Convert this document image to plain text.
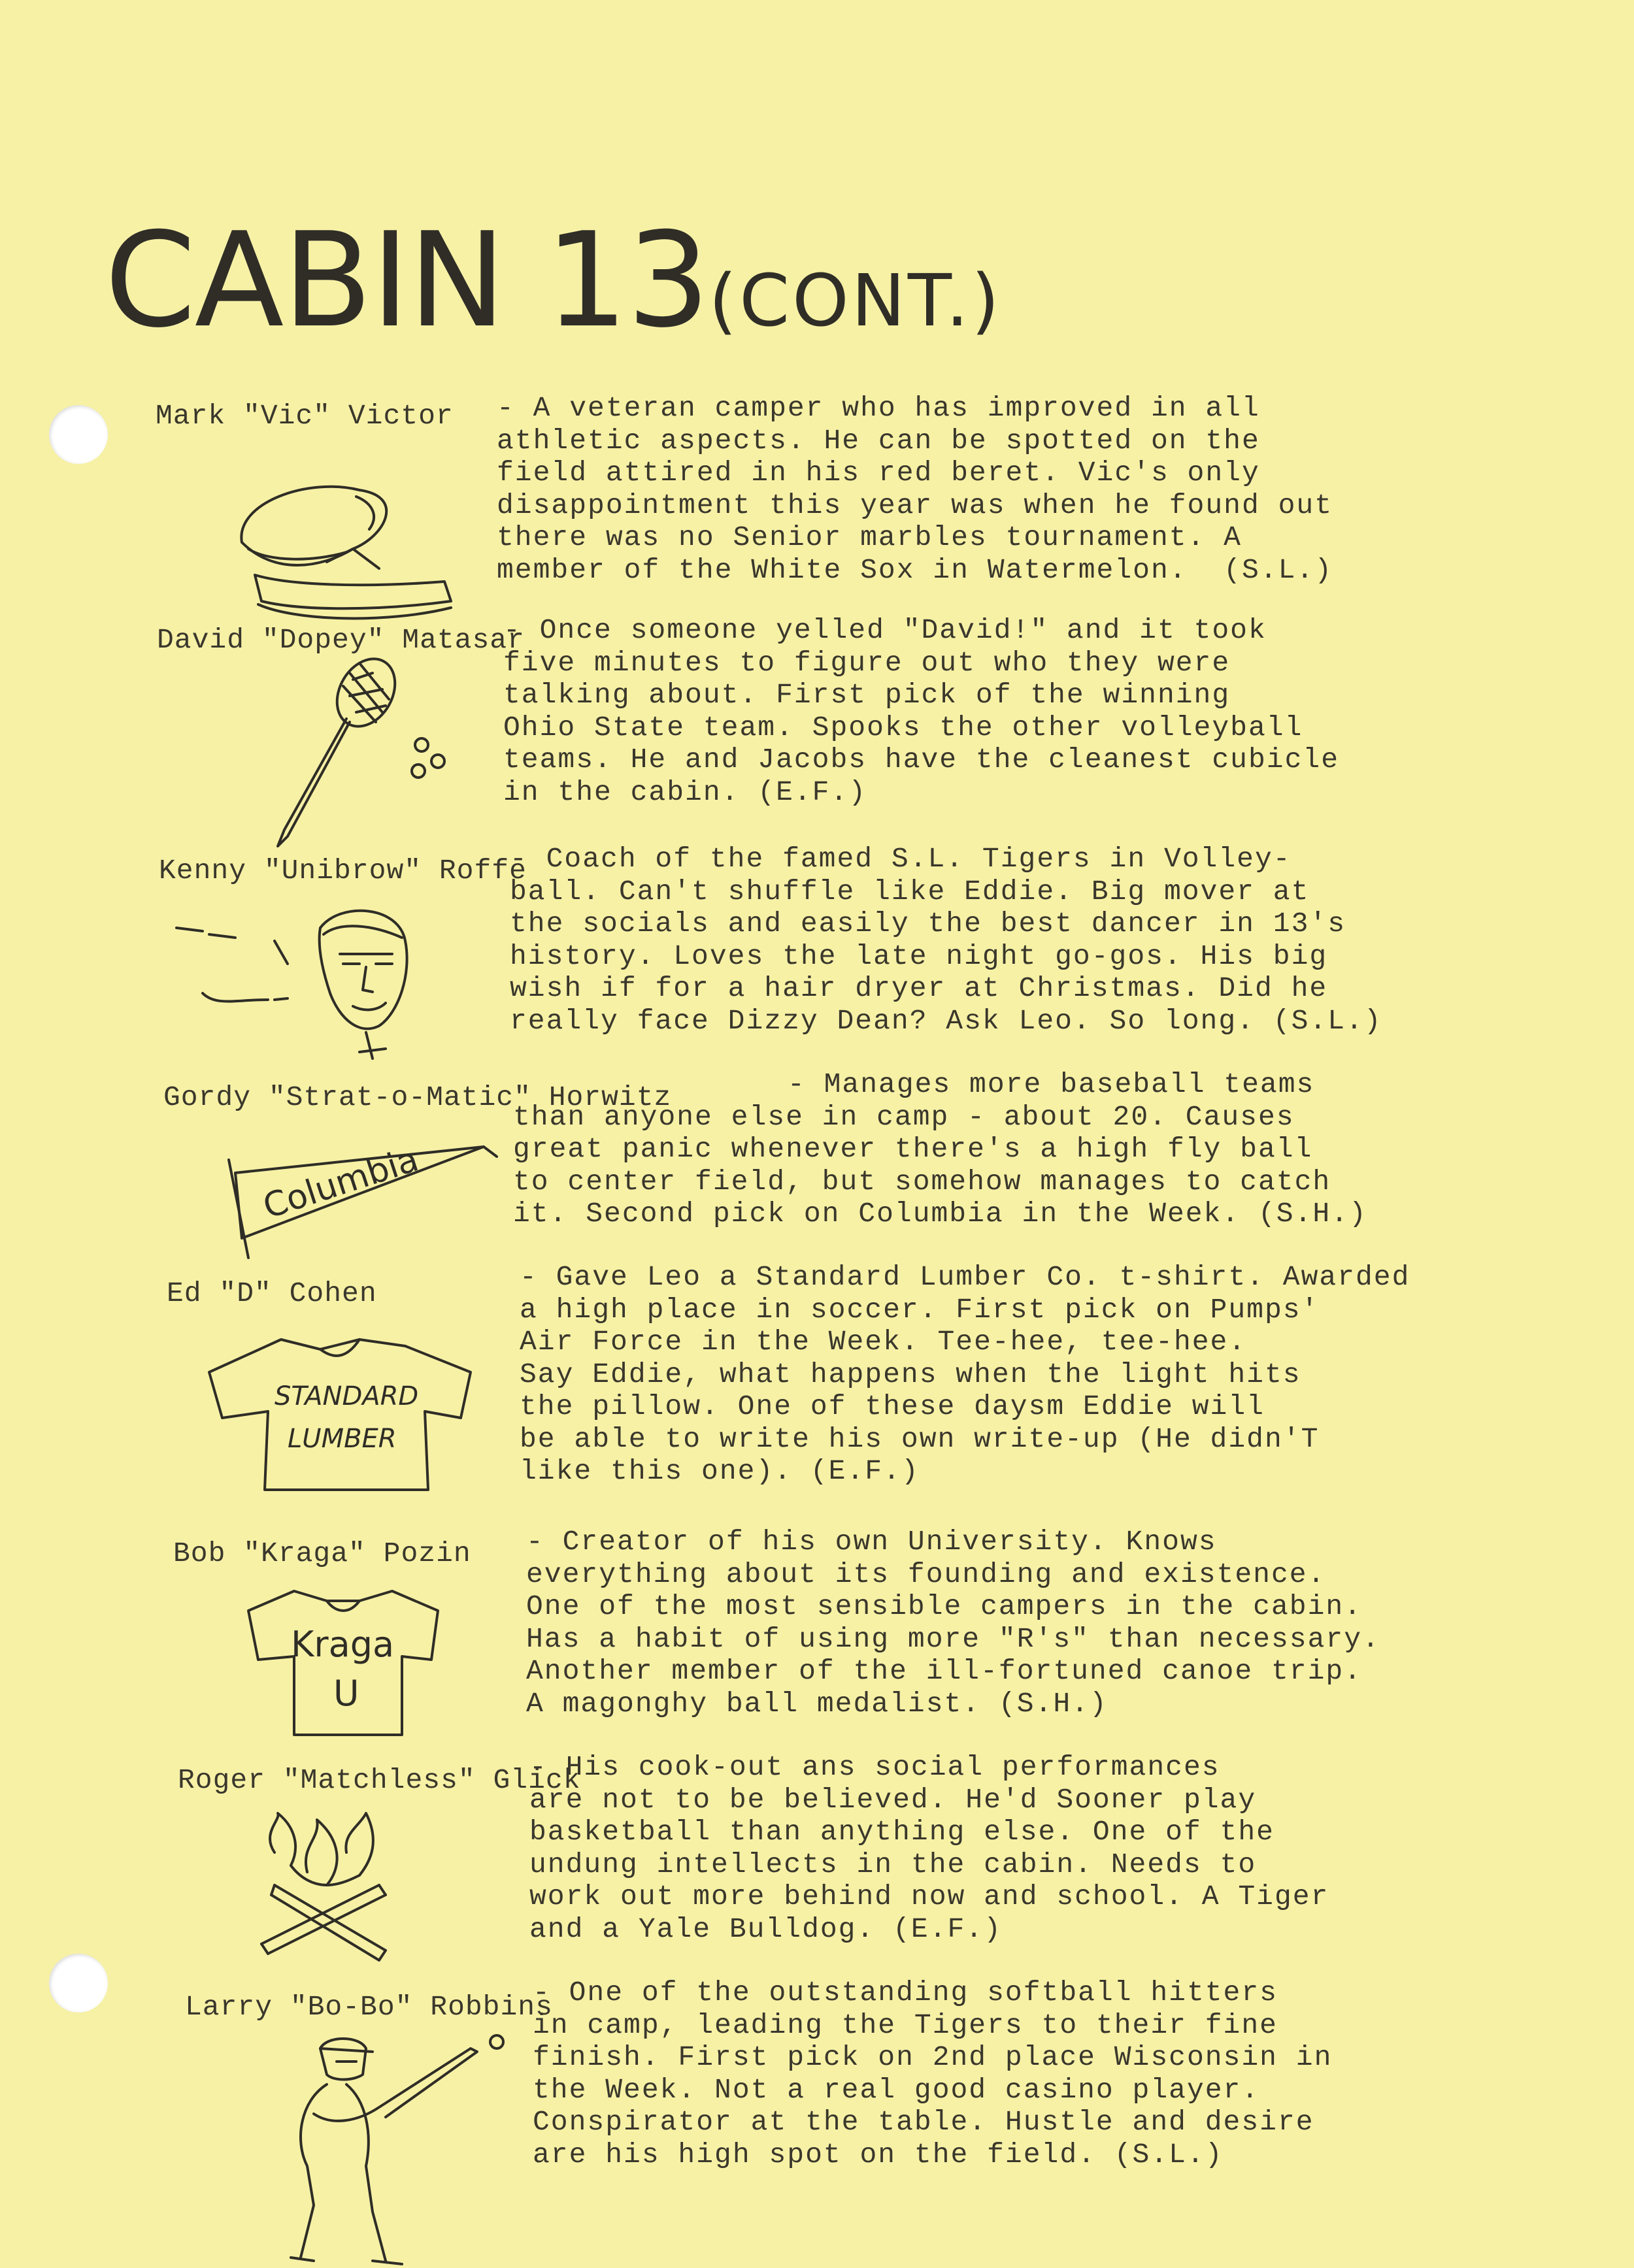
CABIN 13(CONT.)

Mark "Vic" Victor - A veteran camper who has improved in all
athletic aspects. He can be spotted on the
field attired in his red beret. Vic's only
disappointment this year was when he found out
there was no Senior marbles tournament. A
member of the White Sox in Watermelon.  (S.L.)

David "Dopey" Matasar

- Once someone yelled "David!" and it took
five minutes to figure out who they were
talking about. First pick of the winning
Ohio State team. Spooks the other volleyball
teams. He and Jacobs have the cleanest cubicle
in the cabin. (E.F.)

Kenny "Unibrow" Roffe

- Coach of the famed S.L. Tigers in Volley-
ball. Can't shuffle like Eddie. Big mover at
the socials and easily the best dancer in 13's
history. Loves the late night go-gos. His big
wish if for a hair dryer at Christmas. Did he
really face Dizzy Dean? Ask Leo. So long. (S.L.)

Gordy "Strat-o-Matic" Horwitz	- Manages more baseball teams
than anyone else in camp - about 20. Causes
great panic whenever there's a high fly ball
to center field, but somehow manages to catch
it. Second pick on Columbia in the Week. (S.H.)
Columbia

Ed "D" Cohen

- Gave Leo a Standard Lumber Co. t-shirt. Awarded
a high place in soccer. First pick on Pumps'
Air Force in the Week. Tee-hee, tee-hee.
Say Eddie, what happens when the light hits
the pillow. One of these daysm Eddie will
be able to write his own write-up (He didn'T
like this one). (E.F.)
STANDARD
LUMBER

Bob "Kraga" Pozin - Creator of his own University. Knows
everything about its founding and existence.
One of the most sensible campers in the cabin.
Has a habit of using more "R's" than necessary.
Another member of the ill-fortuned canoe trip.
A magonghy ball medalist. (S.H.)
Kraga
U

Roger "Matchless" Glick

- His cook-out ans social performances
are not to be believed. He'd Sooner play
basketball than anything else. One of the
undung intellects in the cabin. Needs to
work out more behind now and school. A Tiger
and a Yale Bulldog. (E.F.)

Larry "Bo-Bo" Robbins

- One of the outstanding softball hitters
in camp, leading the Tigers to their fine
finish. First pick on 2nd place Wisconsin in
the Week. Not a real good casino player.
Conspirator at the table. Hustle and desire
are his high spot on the field. (S.L.)
